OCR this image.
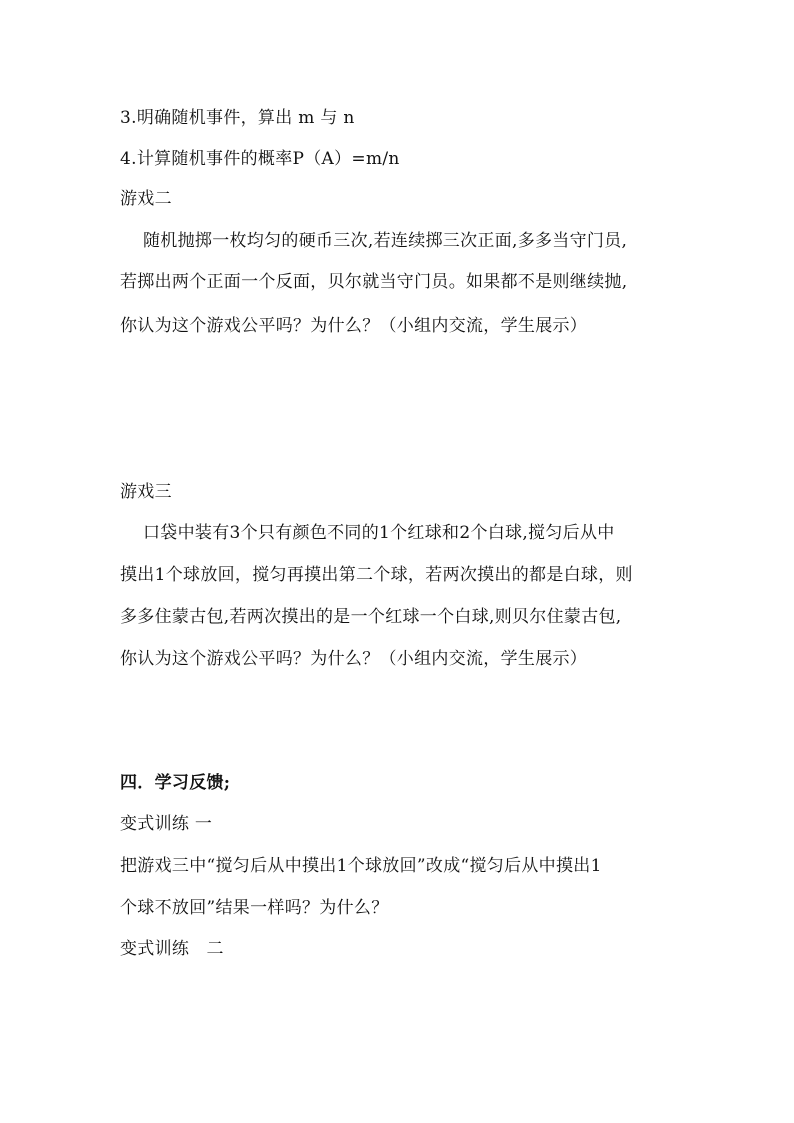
3.明确随机事件，算出 m 与 n
4.计算随机事件的概率P（A）=m/n
游戏二
随机抛掷一枚均匀的硬币三次,若连续掷三次正面,多多当守门员,
若掷出两个正面一个反面，贝尔就当守门员。如果都不是则继续抛,
你认为这个游戏公平吗？为什么？（小组内交流，学生展示）
游戏三
口袋中装有3个只有颜色不同的1个红球和2个白球,搅匀后从中
摸出1个球放回，搅匀再摸出第二个球，若两次摸出的都是白球，则
多多住蒙古包,若两次摸出的是一个红球一个白球,则贝尔住蒙古包,
你认为这个游戏公平吗？为什么？（小组内交流，学生展示）
四．学习反馈;
变式训练 一
把游戏三中“搅匀后从中摸出1个球放回”改成“搅匀后从中摸出1
个球不放回”结果一样吗？为什么？
变式训练　二
